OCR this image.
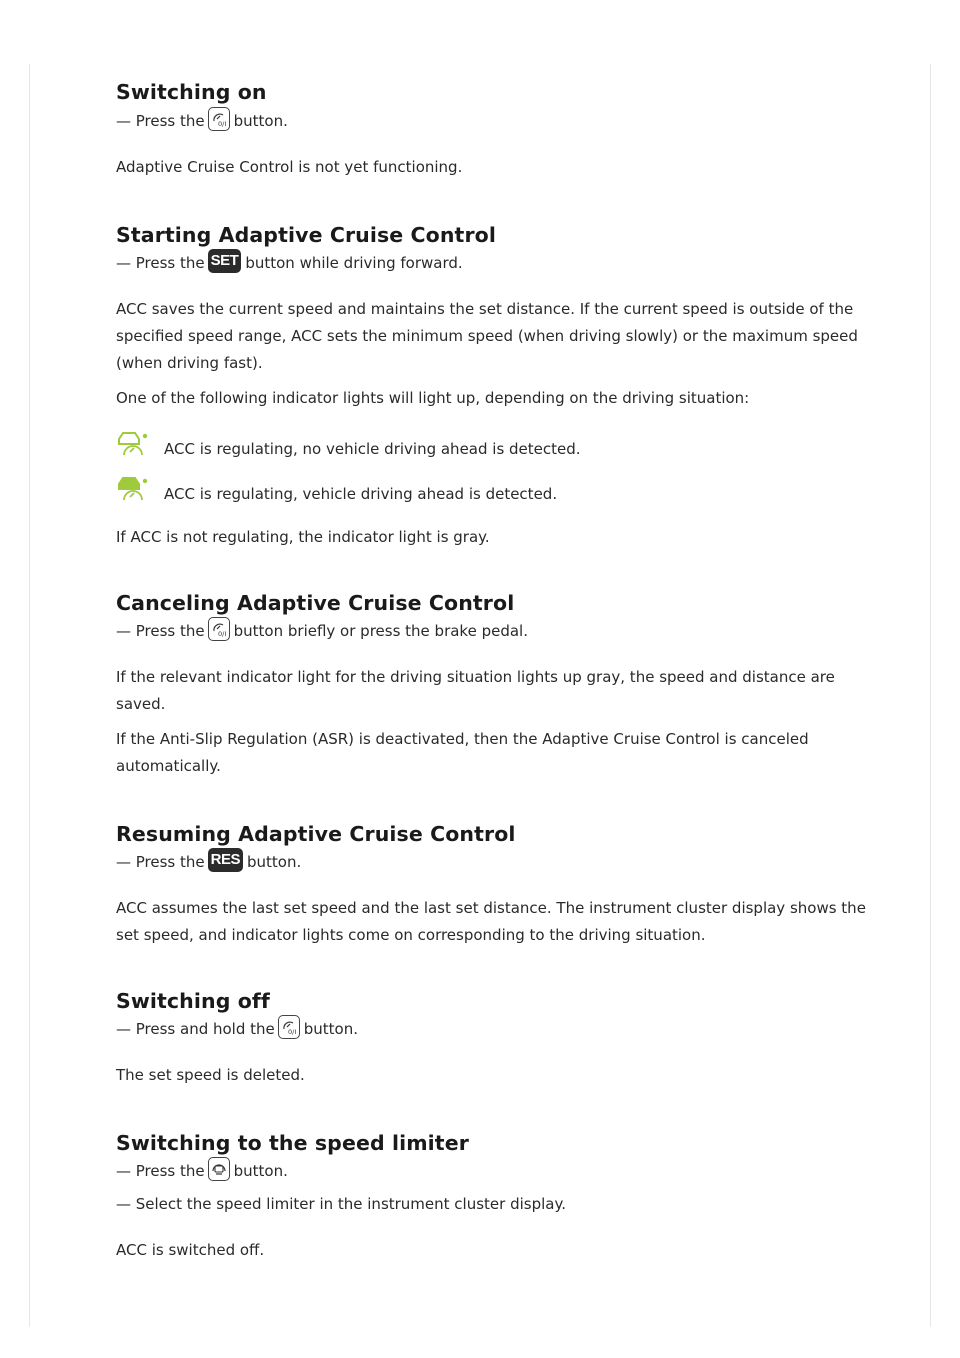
Switching on

— Press the 0/I button.

Adaptive Cruise Control is not yet functioning.

Starting Adaptive Cruise Control

— Press the SET button while driving forward.

ACC saves the current speed and maintains the set distance. If the current speed is outside of the specified speed range, ACC sets the minimum speed (when driving slowly) or the maximum speed (when driving fast).

One of the following indicator lights will light up, depending on the driving situation:

ACC is regulating, no vehicle driving ahead is detected.

ACC is regulating, vehicle driving ahead is detected.

If ACC is not regulating, the indicator light is gray.

Canceling Adaptive Cruise Control

— Press the 0/I button briefly or press the brake pedal.

If the relevant indicator light for the driving situation lights up gray, the speed and distance are saved.

If the Anti-Slip Regulation (ASR) is deactivated, then the Adaptive Cruise Control is canceled automatically.

Resuming Adaptive Cruise Control

— Press the RES button.

ACC assumes the last set speed and the last set distance. The instrument cluster display shows the set speed, and indicator lights come on corresponding to the driving situation.

Switching off

— Press and hold the 0/I button.

The set speed is deleted.

Switching to the speed limiter

— Press the button.

— Select the speed limiter in the instrument cluster display.

ACC is switched off.
